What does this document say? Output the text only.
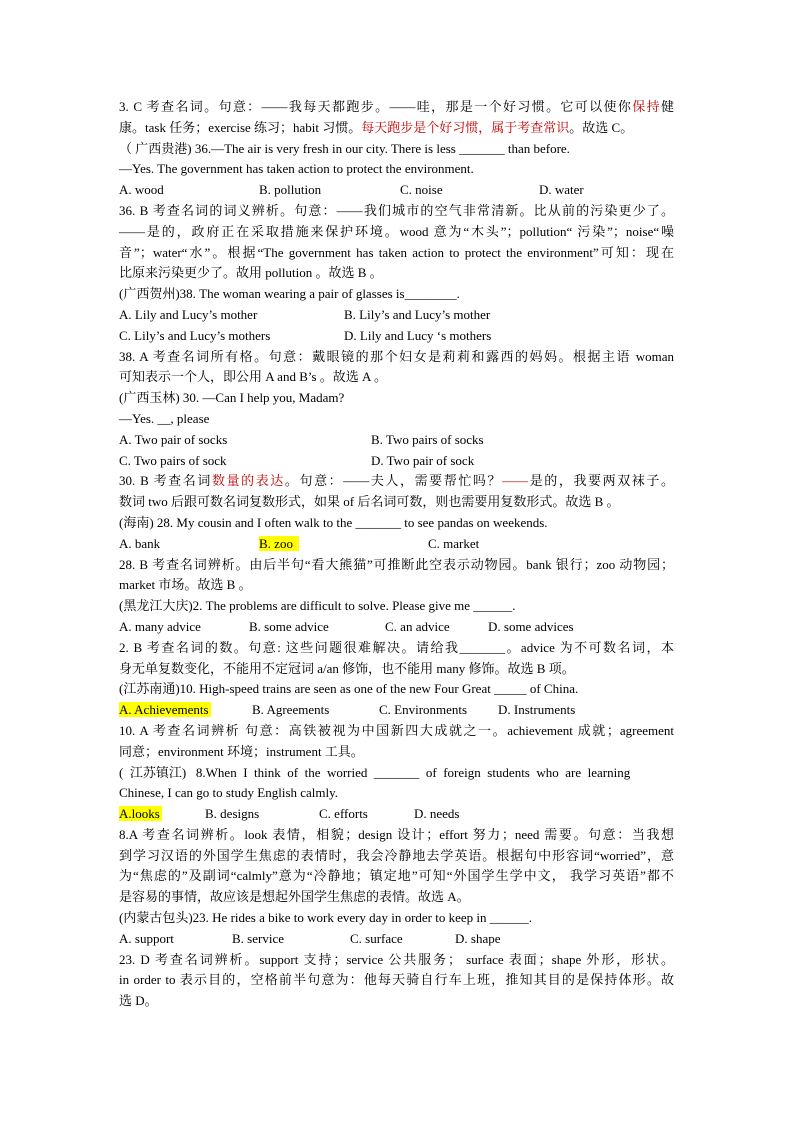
3. C 考查名词。句意：——我每天都跑步。——哇，那是一个好习惯。它可以使你保持健
康。task 任务；exercise 练习；habit 习惯。每天跑步是个好习惯，属于考查常识。故选 C。
（ 广西贵港) 36.—The air is very fresh in our city. There is less _______ than before.
—Yes. The government has taken action to protect the environment.
A. wood	B. pollution	C. noise	D. water
36. B 考查名词的词义辨析。句意：——我们城市的空气非常清新。比从前的污染更少了。
——是的，政府正在采取措施来保护环境。wood 意为“木头”；pollution“ 污染”；noise“噪
音”；water“水”。根据“The government has taken action to protect the environment”可知：现在
比原来污染更少了。故用 pollution 。故选 B 。
(广西贺州)38. The woman wearing a pair of glasses is________.
A. Lily and Lucy’s mother	B. Lily’s and Lucy’s mother
C. Lily’s and Lucy’s mothers	D. Lily and Lucy ‘s mothers
38. A 考查名词所有格。句意：戴眼镜的那个妇女是莉莉和露西的妈妈。根据主语 woman
可知表示一个人，即公用 A and B’s 。故选 A 。
(广西玉林) 30. —Can I help you, Madam?
—Yes. __, please
A. Two pair of socks	B. Two pairs of socks
C. Two pairs of sock	D. Two pair of sock
30. B 考查名词数量的表达。句意：——夫人，需要帮忙吗？——是的，我要两双袜子。
数词 two 后跟可数名词复数形式，如果 of 后名词可数，则也需要用复数形式。故选 B 。
(海南) 28. My cousin and I often walk to the _______ to see pandas on weekends.
A. bank	B. zoo	C. market
28. B 考查名词辨析。由后半句“看大熊猫”可推断此空表示动物园。bank 银行；zoo 动物园；
market 市场。故选 B 。
(黑龙江大庆)2. The problems are difficult to solve. Please give me ______.
A. many advice	B. some advice	C. an advice	D. some advices
2. B 考查名词的数。句意: 这些问题很难解决。请给我_______。advice 为不可数名词，本
身无单复数变化，不能用不定冠词 a/an 修饰，也不能用 many 修饰。故选 B 项。
(江苏南通)10. High-speed trains are seen as one of the new Four Great _____ of China.
A. Achievements	B. Agreements	C. Environments D. Instruments
10. A 考查名词辨析 句意：高铁被视为中国新四大成就之一。achievement 成就；agreement
同意；environment 环境；instrument 工具。
(  江苏镇江)   8.When  I  think  of  the  worried  _______  of  foreign  students  who  are  learning
Chinese, I can go to study English calmly.
A.looks	B. designs	C. efforts	D. needs
8.A 考查名词辨析。look 表情，相貌；design 设计；effort 努力；need 需要。句意：当我想
到学习汉语的外国学生焦虑的表情时，我会冷静地去学英语。根据句中形容词“worried”，意
为“焦虑的”及副词“calmly”意为“冷静地；镇定地”可知“外国学生学中文， 我学习英语”都不
是容易的事情，故应该是想起外国学生焦虑的表情。故选 A。
(内蒙古包头)23. He rides a bike to work every day in order to keep in ______.
A. support	B. service	C. surface	D. shape
23. D 考查名词辨析。support 支持；service 公共服务； surface 表面；shape 外形，形状。
in order to 表示目的，空格前半句意为：他每天骑自行车上班，推知其目的是保持体形。故
选 D。
